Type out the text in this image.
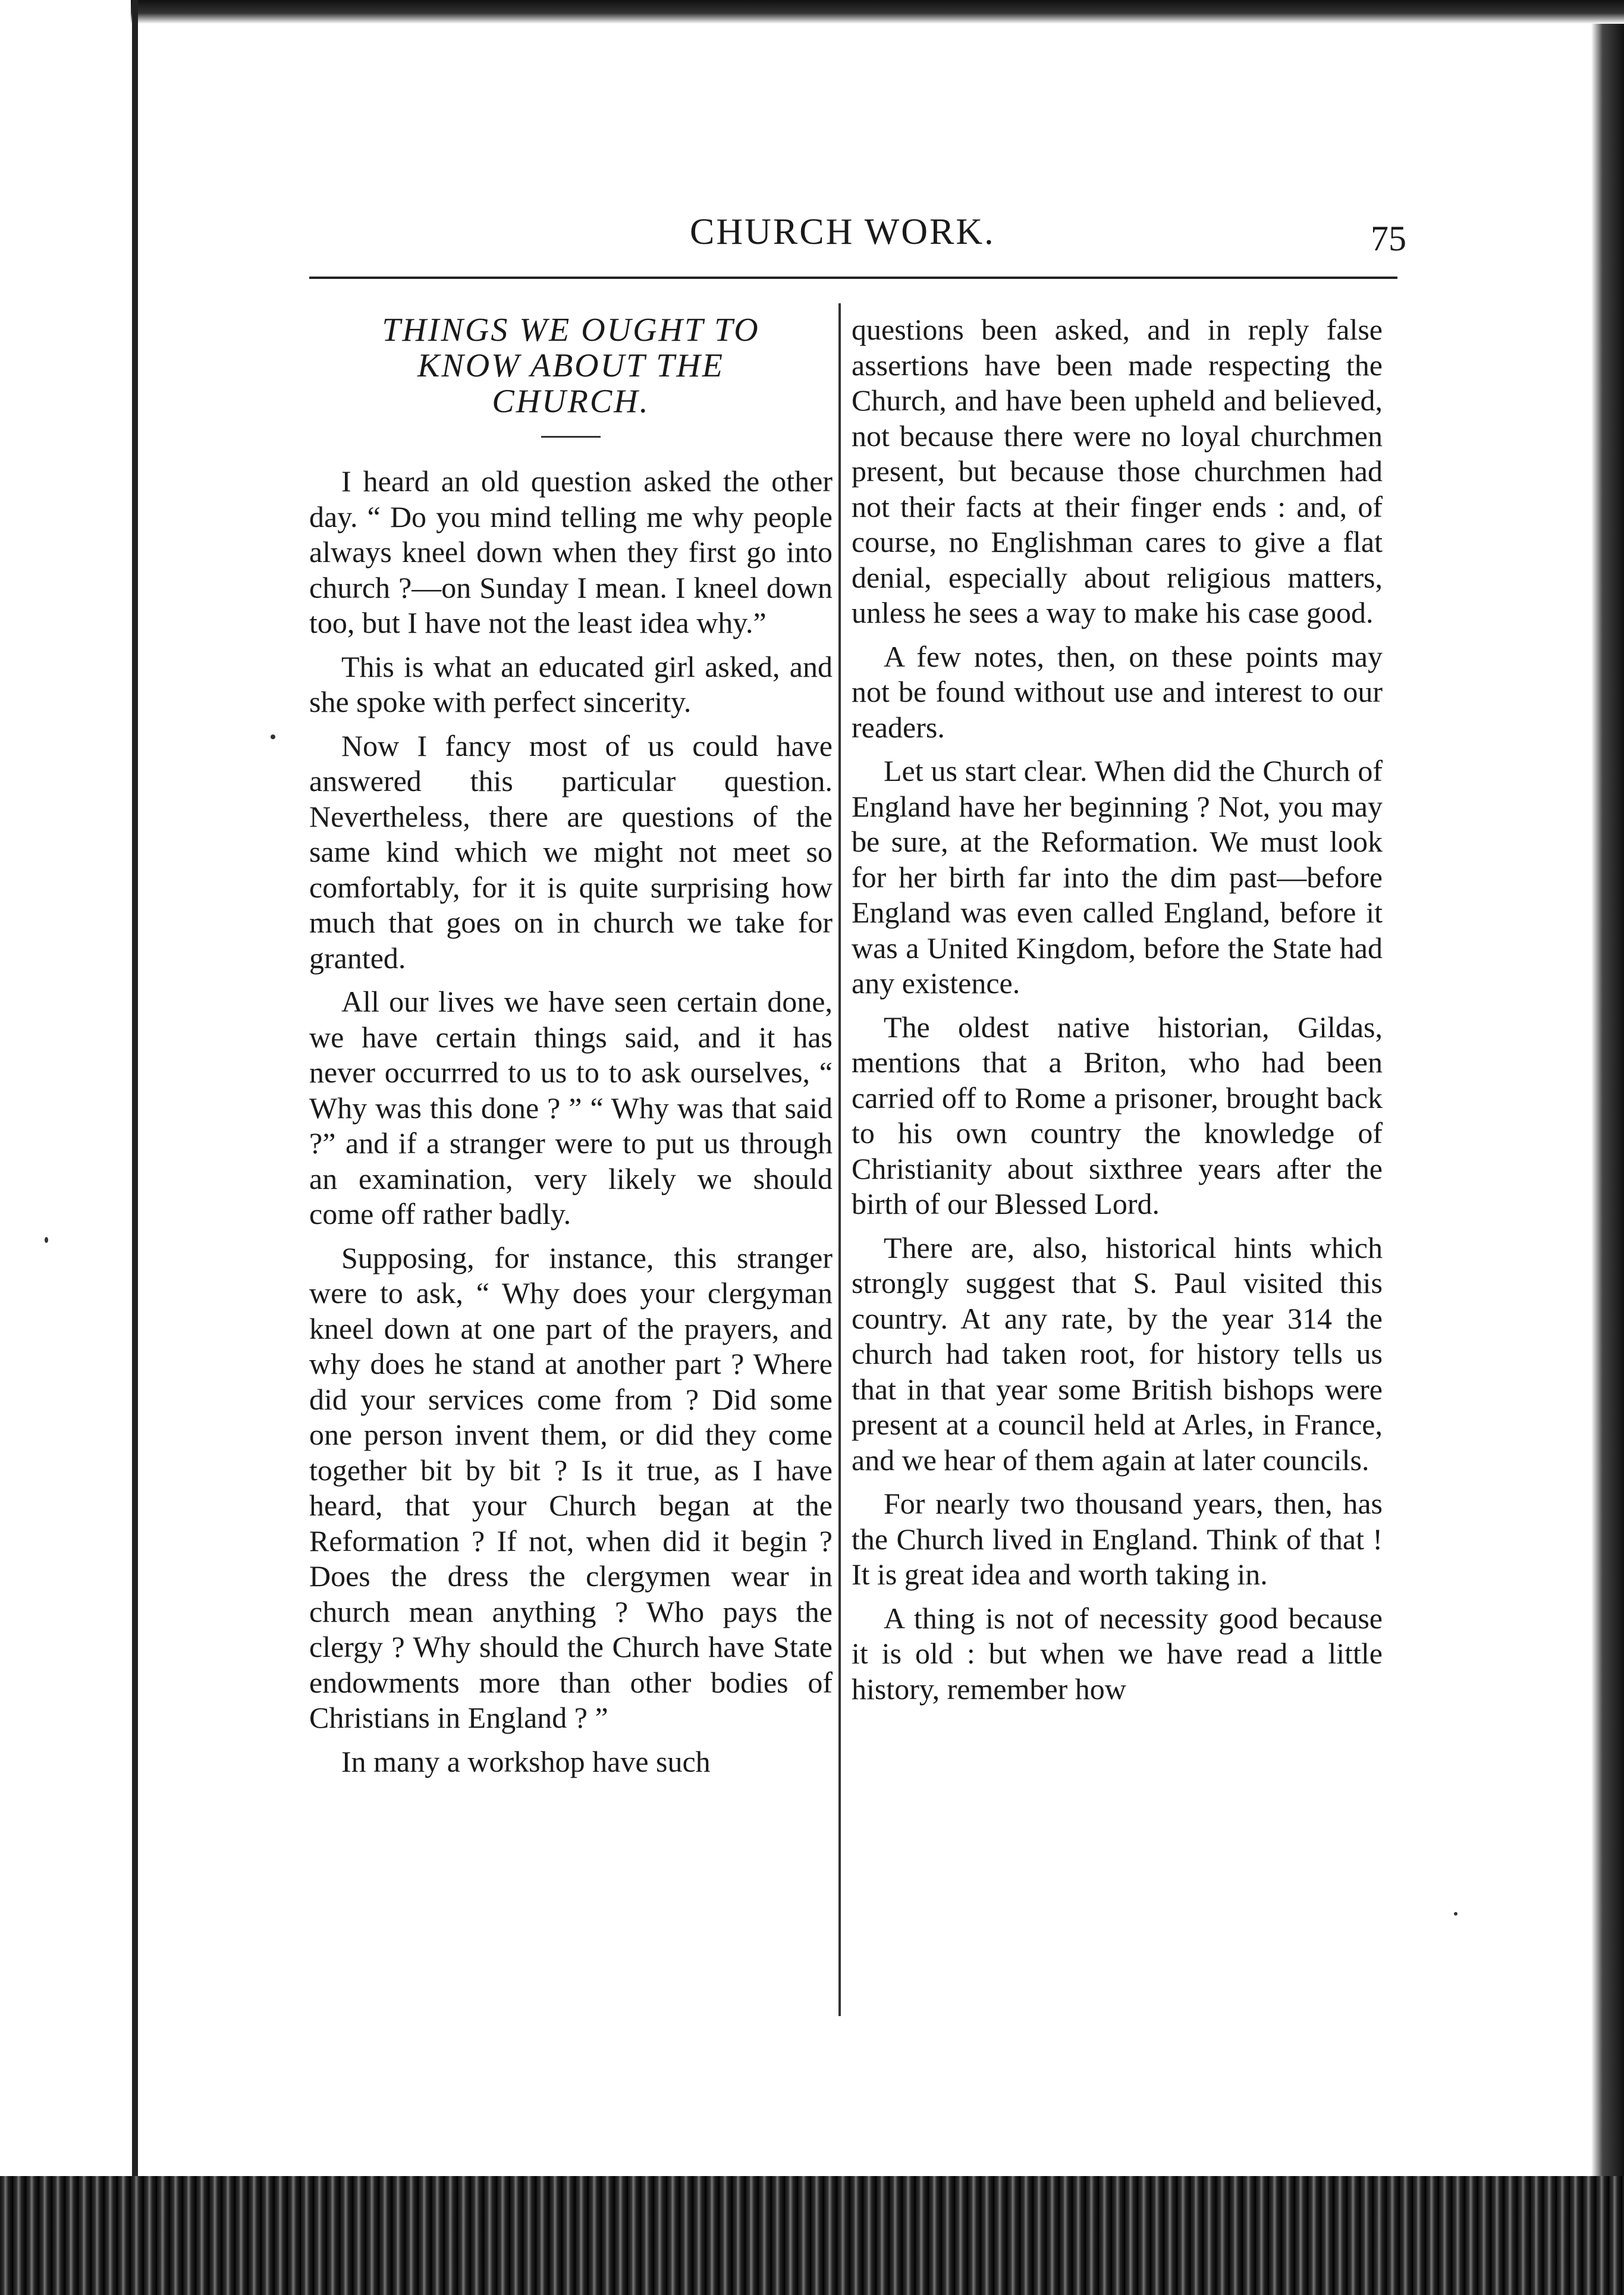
CHURCH WORK.	75
THINGS WE OUGHT TO
KNOW ABOUT THE
CHURCH.

I heard an old question asked the other day. “ Do you mind telling me why people always kneel down when they first go into church ?—on Sunday I mean. I kneel down too, but I have not the least idea why.”

This is what an educated girl asked, and she spoke with perfect sincerity.

Now I fancy most of us could have answered this particular question. Nevertheless, there are questions of the same kind which we might not meet so comfortably, for it is quite surprising how much that goes on in church we take for granted.

All our lives we have seen certain done, we have certain things said, and it has never occurrred to us to to ask ourselves, “ Why was this done ? ” “ Why was that said ?” and if a stranger were to put us through an examination, very likely we should come off rather badly.

Supposing, for instance, this stranger were to ask, “ Why does your clergyman kneel down at one part of the prayers, and why does he stand at another part ? Where did your services come from ? Did some one person invent them, or did they come together bit by bit ? Is it true, as I have heard, that your Church began at the Reformation ? If not, when did it begin ? Does the dress the clergymen wear in church mean anything ? Who pays the clergy ? Why should the Church have State endowments more than other bodies of Christians in England ? ”

In many a workshop have such

questions been asked, and in reply false assertions have been made respecting the Church, and have been upheld and believed, not because there were no loyal churchmen present, but because those churchmen had not their facts at their finger ends : and, of course, no Englishman cares to give a flat denial, especially about religious matters, unless he sees a way to make his case good.

A few notes, then, on these points may not be found without use and interest to our readers.

Let us start clear. When did the Church of England have her beginning ? Not, you may be sure, at the Reformation. We must look for her birth far into the dim past—before England was even called England, before it was a United Kingdom, before the State had any existence.

The oldest native historian, Gildas, mentions that a Briton, who had been carried off to Rome a prisoner, brought back to his own country the knowledge of Christianity about sixthree years after the birth of our Blessed Lord.

There are, also, historical hints which strongly suggest that S. Paul visited this country. At any rate, by the year 314 the church had taken root, for history tells us that in that year some British bishops were present at a council held at Arles, in France, and we hear of them again at later councils.

For nearly two thousand years, then, has the Church lived in England. Think of that ! It is great idea and worth taking in.

A thing is not of necessity good because it is old : but when we have read a little history, remember how
